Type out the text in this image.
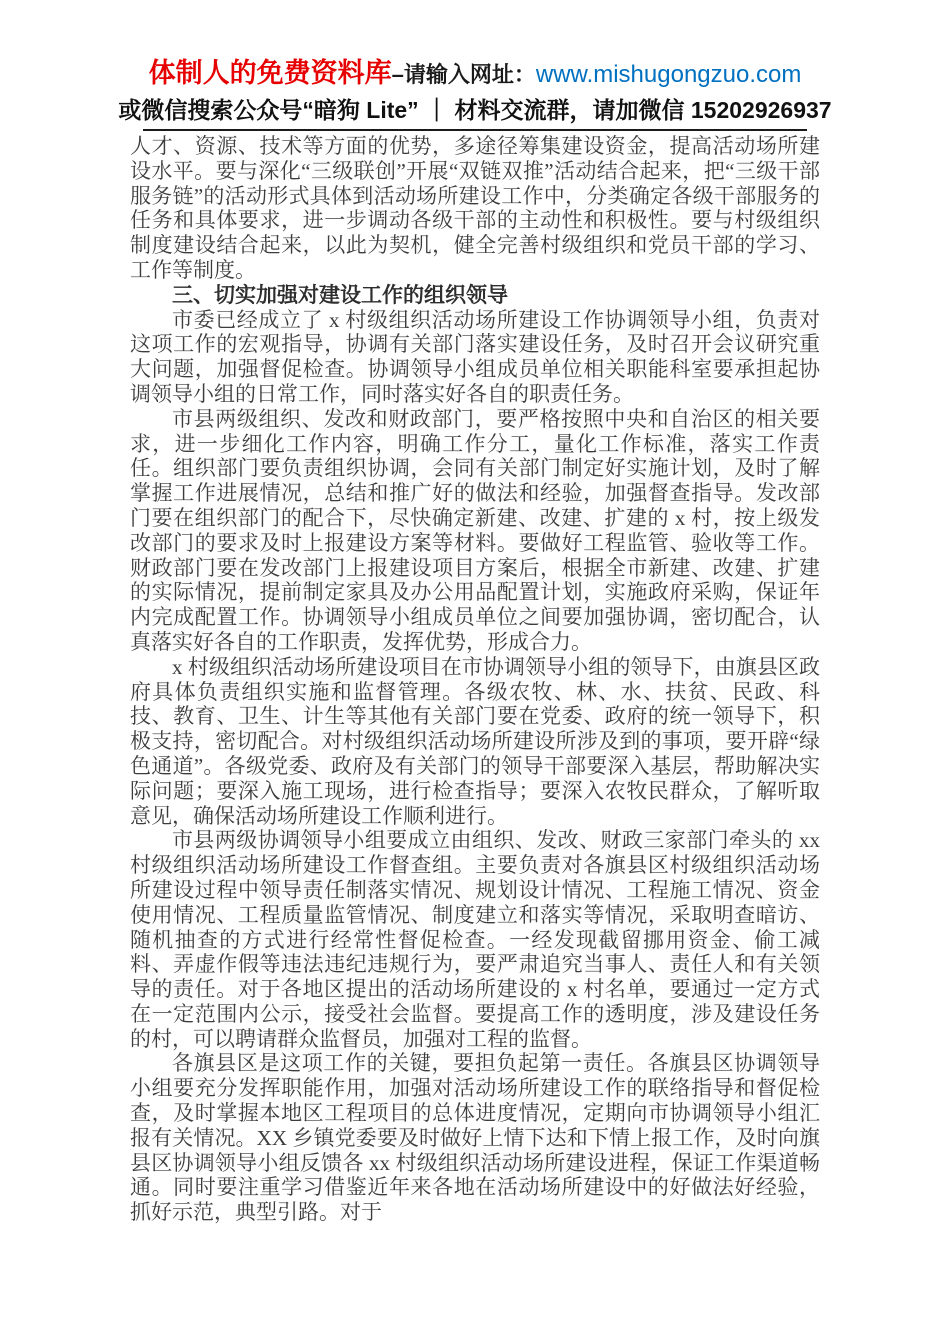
体制人的免费资料库–请输入网址：www.mishugongzuo.com
或微信搜索公众号“暗狗 Lite” ｜ 材料交流群，请加微信 15202926937

人才、资源、技术等方面的优势，多途径筹集建设资金，提高活动场所建设水平。要与深化“三级联创”开展“双链双推”活动结合起来，把“三级干部服务链”的活动形式具体到活动场所建设工作中，分类确定各级干部服务的任务和具体要求，进一步调动各级干部的主动性和积极性。要与村级组织制度建设结合起来，以此为契机，健全完善村级组织和党员干部的学习、工作等制度。

三、切实加强对建设工作的组织领导

市委已经成立了 x 村级组织活动场所建设工作协调领导小组，负责对这项工作的宏观指导，协调有关部门落实建设任务，及时召开会议研究重大问题，加强督促检查。协调领导小组成员单位相关职能科室要承担起协调领导小组的日常工作，同时落实好各自的职责任务。

市县两级组织、发改和财政部门，要严格按照中央和自治区的相关要求，进一步细化工作内容，明确工作分工，量化工作标准，落实工作责任。组织部门要负责组织协调，会同有关部门制定好实施计划，及时了解掌握工作进展情况，总结和推广好的做法和经验，加强督查指导。发改部门要在组织部门的配合下，尽快确定新建、改建、扩建的 x 村，按上级发改部门的要求及时上报建设方案等材料。要做好工程监管、验收等工作。财政部门要在发改部门上报建设项目方案后，根据全市新建、改建、扩建的实际情况，提前制定家具及办公用品配置计划，实施政府采购，保证年内完成配置工作。协调领导小组成员单位之间要加强协调，密切配合，认真落实好各自的工作职责，发挥优势，形成合力。

x 村级组织活动场所建设项目在市协调领导小组的领导下，由旗县区政府具体负责组织实施和监督管理。各级农牧、林、水、扶贫、民政、科技、教育、卫生、计生等其他有关部门要在党委、政府的统一领导下，积极支持，密切配合。对村级组织活动场所建设所涉及到的事项，要开辟“绿色通道”。各级党委、政府及有关部门的领导干部要深入基层，帮助解决实际问题；要深入施工现场，进行检查指导；要深入农牧民群众，了解听取意见，确保活动场所建设工作顺利进行。

市县两级协调领导小组要成立由组织、发改、财政三家部门牵头的 xx 村级组织活动场所建设工作督查组。主要负责对各旗县区村级组织活动场所建设过程中领导责任制落实情况、规划设计情况、工程施工情况、资金使用情况、工程质量监管情况、制度建立和落实等情况，采取明查暗访、随机抽查的方式进行经常性督促检查。一经发现截留挪用资金、偷工减料、弄虚作假等违法违纪违规行为，要严肃追究当事人、责任人和有关领导的责任。对于各地区提出的活动场所建设的 x 村名单，要通过一定方式在一定范围内公示，接受社会监督。要提高工作的透明度，涉及建设任务的村，可以聘请群众监督员，加强对工程的监督。

各旗县区是这项工作的关键，要担负起第一责任。各旗县区协调领导小组要充分发挥职能作用，加强对活动场所建设工作的联络指导和督促检查，及时掌握本地区工程项目的总体进度情况，定期向市协调领导小组汇报有关情况。XX 乡镇党委要及时做好上情下达和下情上报工作，及时向旗县区协调领导小组反馈各 xx 村级组织活动场所建设进程，保证工作渠道畅通。同时要注重学习借鉴近年来各地在活动场所建设中的好做法好经验，抓好示范，典型引路。对于
